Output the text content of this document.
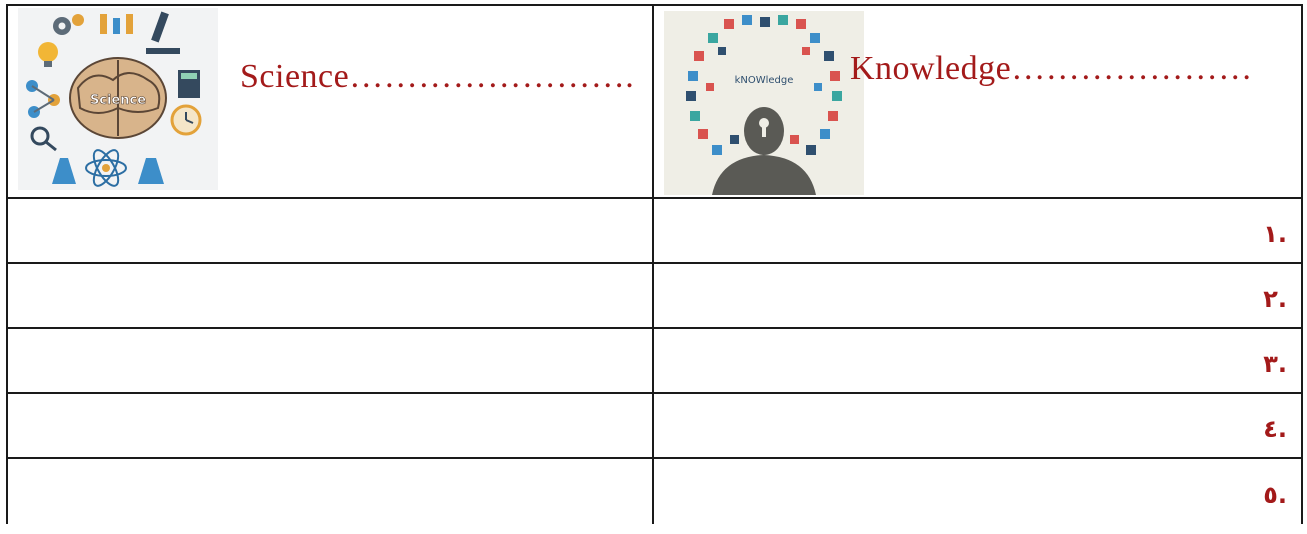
Science
Science…………………….	kNOWledge Knowledge…………………

	.١

	.٢

	.٣

	.٤

	.٥
